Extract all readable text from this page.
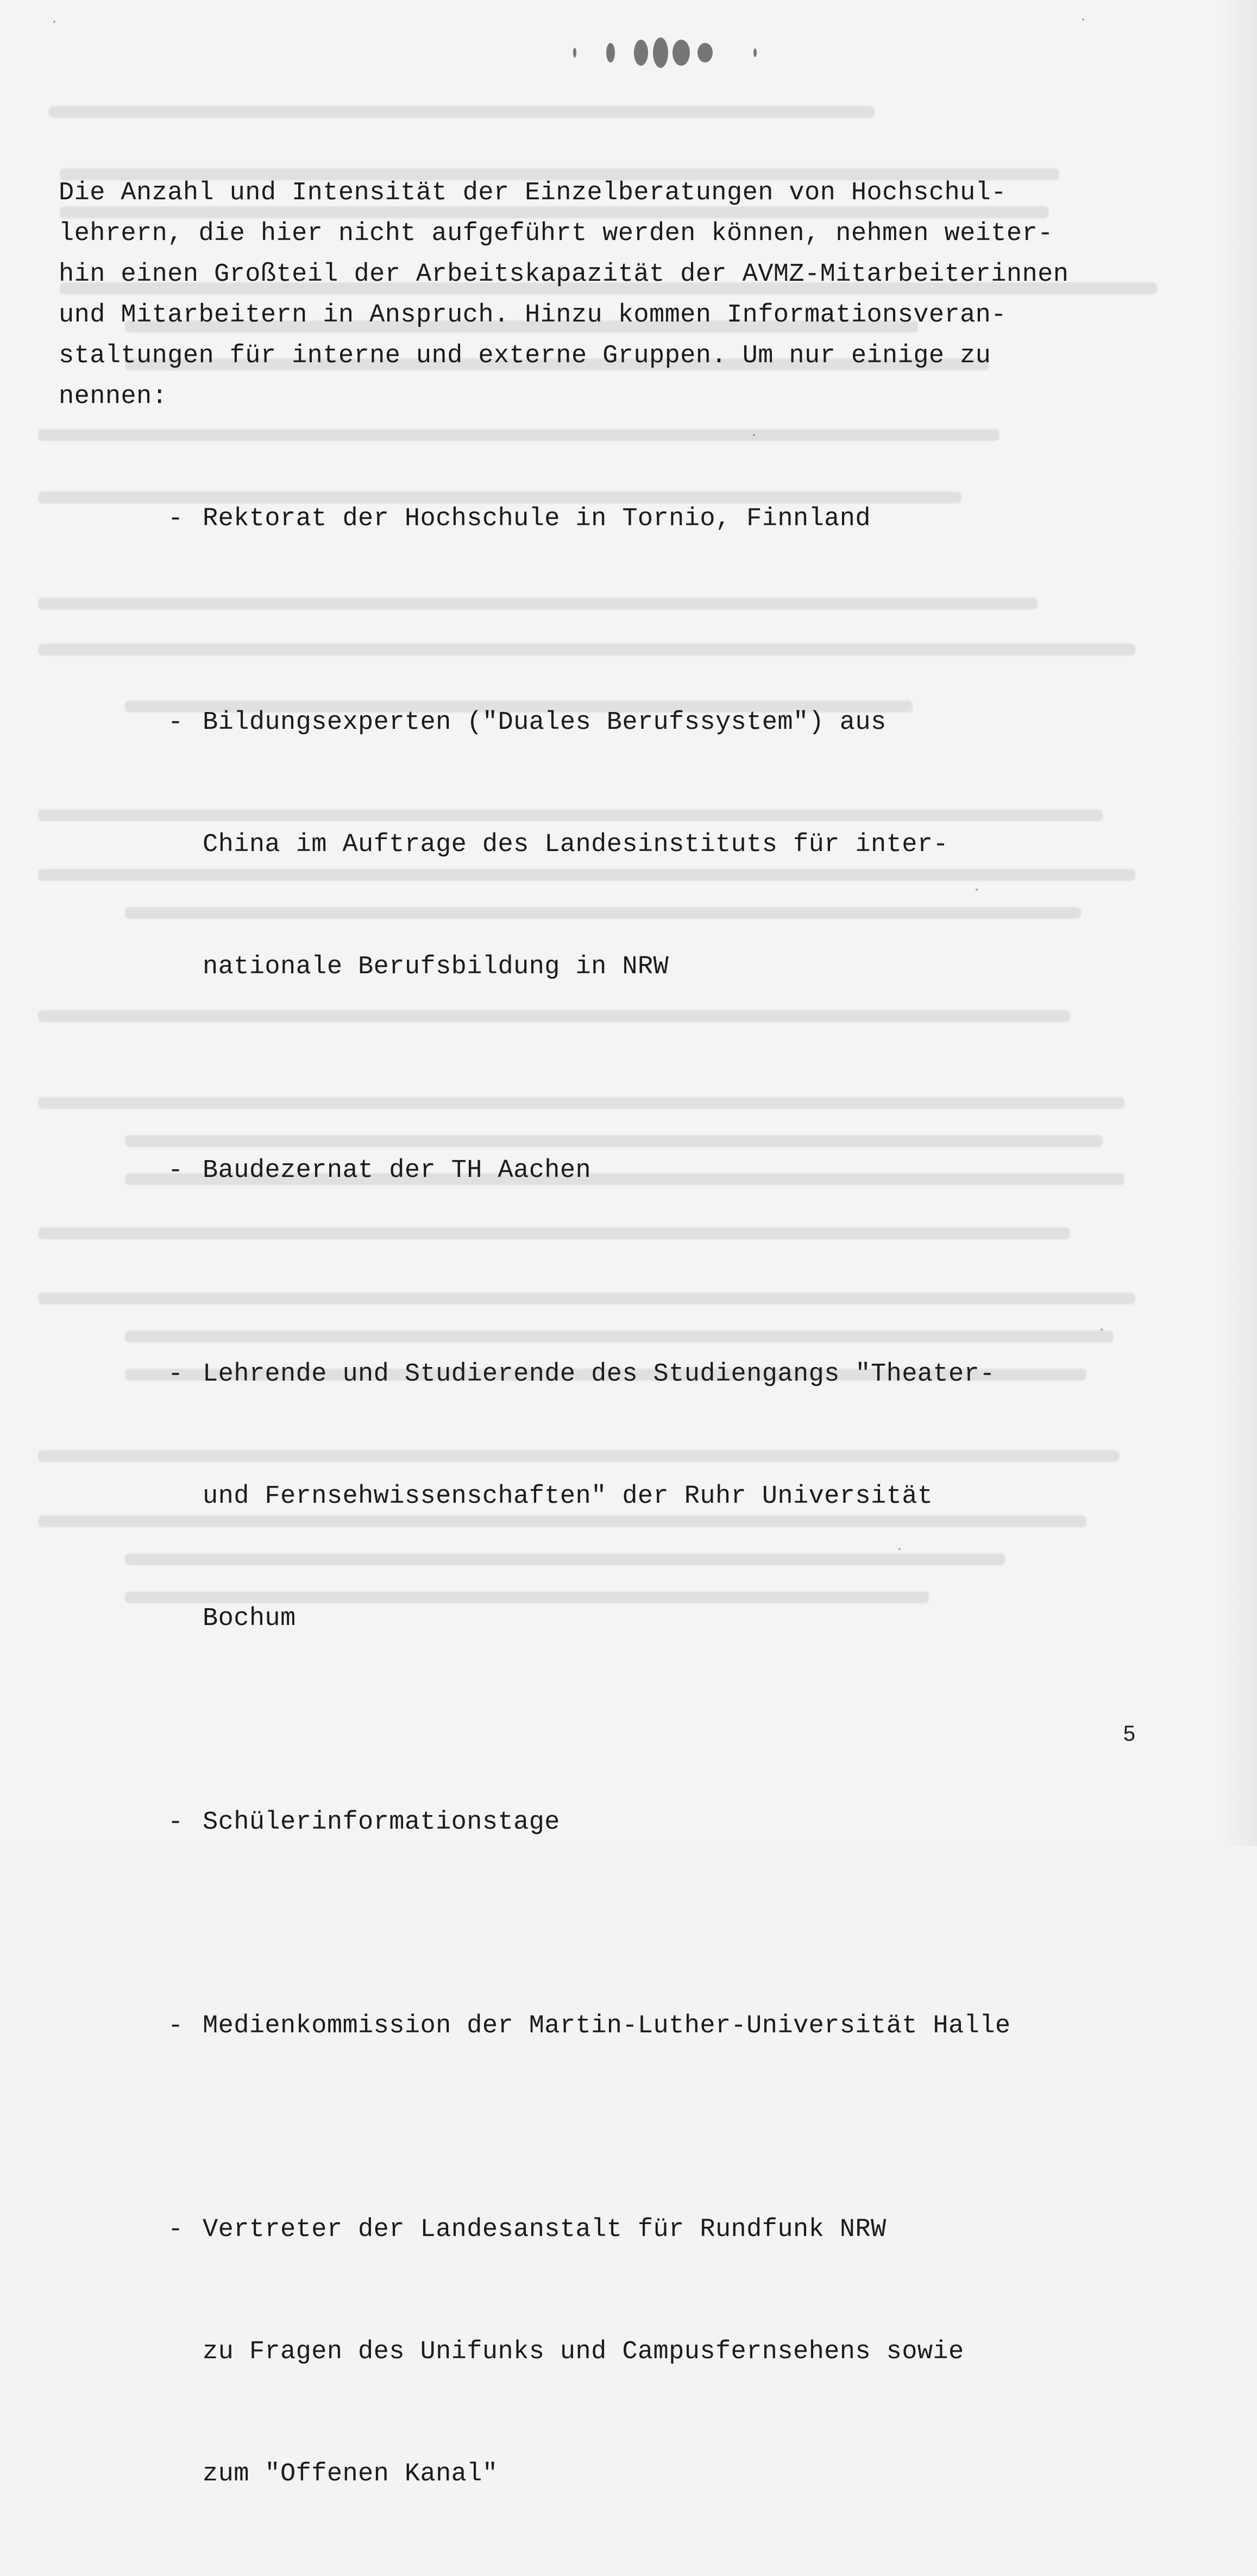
Die Anzahl und Intensität der Einzelberatungen von Hochschul-
lehrern, die hier nicht aufgeführt werden können, nehmen weiter-
hin einen Großteil der Arbeitskapazität der AVMZ-Mitarbeiterinnen
und Mitarbeitern in Anspruch. Hinzu kommen Informationsveran-
staltungen für interne und externe Gruppen. Um nur einige zu
nennen:

- Rektorat der Hochschule in Tornio, Finnland

- Bildungsexperten ("Duales Berufssystem") aus

China im Auftrage des Landesinstituts für inter-

nationale Berufsbildung in NRW

- Baudezernat der TH Aachen

- Lehrende und Studierende des Studiengangs "Theater-

und Fernsehwissenschaften" der Ruhr Universität

Bochum

- Schülerinformationstage

- Medienkommission der Martin-Luther-Universität Halle

- Vertreter der Landesanstalt für Rundfunk NRW

zu Fragen des Unifunks und Campusfernsehens sowie

zum "Offenen Kanal"

5
